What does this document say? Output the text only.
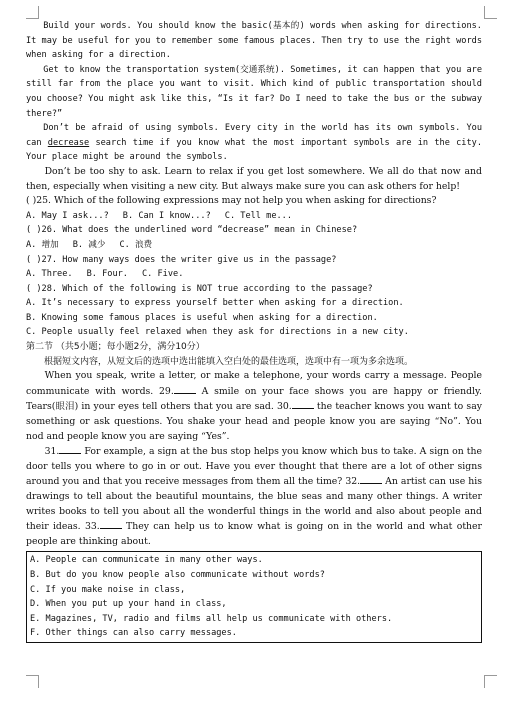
Build your words. You should know the basic(基本的) words when asking for directions. It may be useful for you to remember some famous places. Then try to use the right words when asking for a direction.

Get to know the transportation system(交通系统). Sometimes, it can happen that you are still far from the place you want to visit. Which kind of public transportation should you choose? You might ask like this, “Is it far? Do I need to take the bus or the subway there?”

Don’t be afraid of using symbols. Every city in the world has its own symbols. You can decrease search time if you know what the most important symbols are in the city. Your place might be around the symbols.

Don’t be too shy to ask. Learn to relax if you get lost somewhere. We all do that now and then, especially when visiting a new city. But always make sure you can ask others for help!

( )25. Which of the following expressions may not help you when asking for directions?

A. May I ask...? B. Can I know...? C. Tell me...

( )26. What does the underlined word “decrease” mean in Chinese?

A. 增加 B. 减少 C. 浪费

( )27. How many ways does the writer give us in the passage?

A. Three. B. Four. C. Five.

( )28. Which of the following is NOT true according to the passage?

A. It’s necessary to express yourself better when asking for a direction.

B. Knowing some famous places is useful when asking for a direction.

C. People usually feel relaxed when they ask for directions in a new city.

第二节 （共5小题；每小题2分，满分10分）

根据短文内容，从短文后的选项中选出能填入空白处的最佳选项，选项中有一项为多余选项。

When you speak, write a letter, or make a telephone, your words carry a message. People communicate with words. 29. A smile on your face shows you are happy or friendly. Tears(眼泪) in your eyes tell others that you are sad. 30. the teacher knows you want to say something or ask questions. You shake your head and people know you are saying “No”. You nod and people know you are saying “Yes”.

31. For example, a sign at the bus stop helps you know which bus to take. A sign on the door tells you where to go in or out. Have you ever thought that there are a lot of other signs around you and that you receive messages from them all the time? 32. An artist can use his drawings to tell about the beautiful mountains, the blue seas and many other things. A writer writes books to tell you about all the wonderful things in the world and also about people and their ideas. 33. They can help us to know what is going on in the world and what other people are thinking about.

A. People can communicate in many other ways.
B. But do you know people also communicate without words?
C. If you make noise in class,
D. When you put up your hand in class,
E. Magazines, TV, radio and films all help us communicate with others.
F. Other things can also carry messages.
